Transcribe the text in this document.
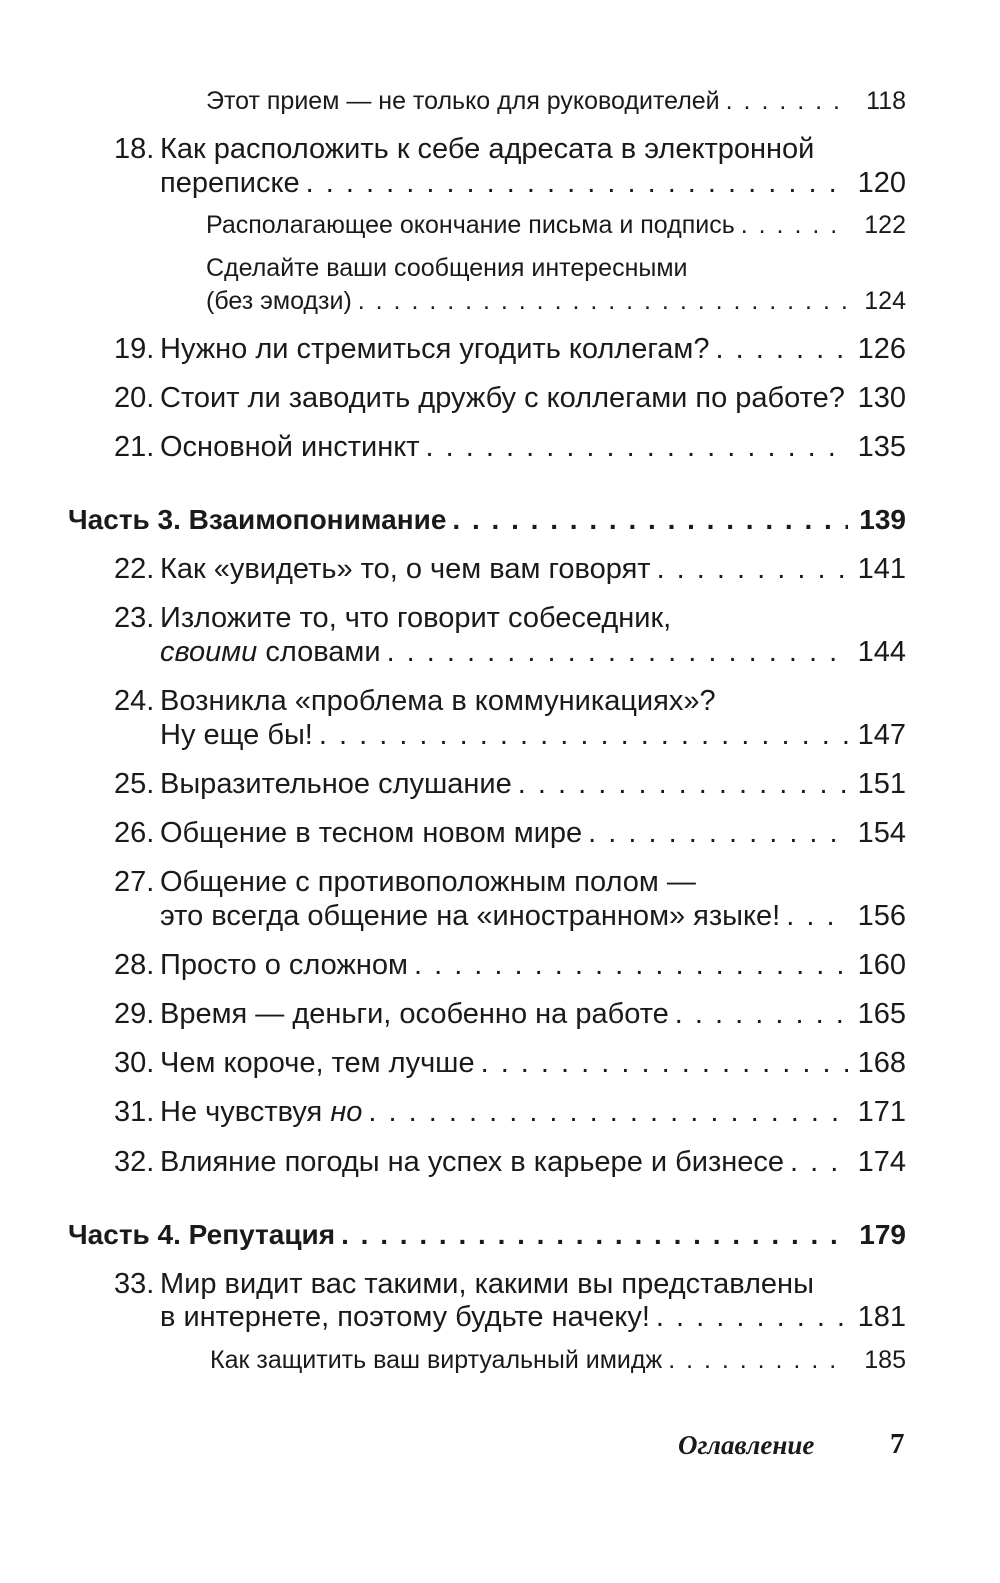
Этот прием — не только для руководителей . . .	118
18. Как расположить к себе адресата в электронной
переписке . . .	120
Располагающее окончание письма и подпись . . .	122
Сделайте ваши сообщения интересными
(без эмодзи) . . .	124
19. Нужно ли стремиться угодить коллегам? . . .	126
20. Стоит ли заводить дружбу с коллегами по работе? 130
21. Основной инстинкт . . .	135
Часть 3. Взаимопонимание . . .	139
22. Как «увидеть» то, о чем вам говорят . . .	141
23. Изложите то, что говорит собеседник,
своими словами . . .	144
24. Возникла «проблема в коммуникациях»?
Ну еще бы! . . .	147
25. Выразительное слушание . . .	151
26. Общение в тесном новом мире . . .	154
27. Общение с противоположным полом —
это всегда общение на «иностранном» языке! . . .	156
28. Просто о сложном . . .	160
29. Время — деньги, особенно на работе . . .	165
30. Чем короче, тем лучше . . .	168
31. Не чувствуя но . . .	171
32. Влияние погоды на успех в карьере и бизнесе . . .	174
Часть 4. Репутация . . .	179
33. Мир видит вас такими, какими вы представлены
в интернете, поэтому будьте начеку! . . .	181
Как защитить ваш виртуальный имидж . . .	185
Оглавление	7
